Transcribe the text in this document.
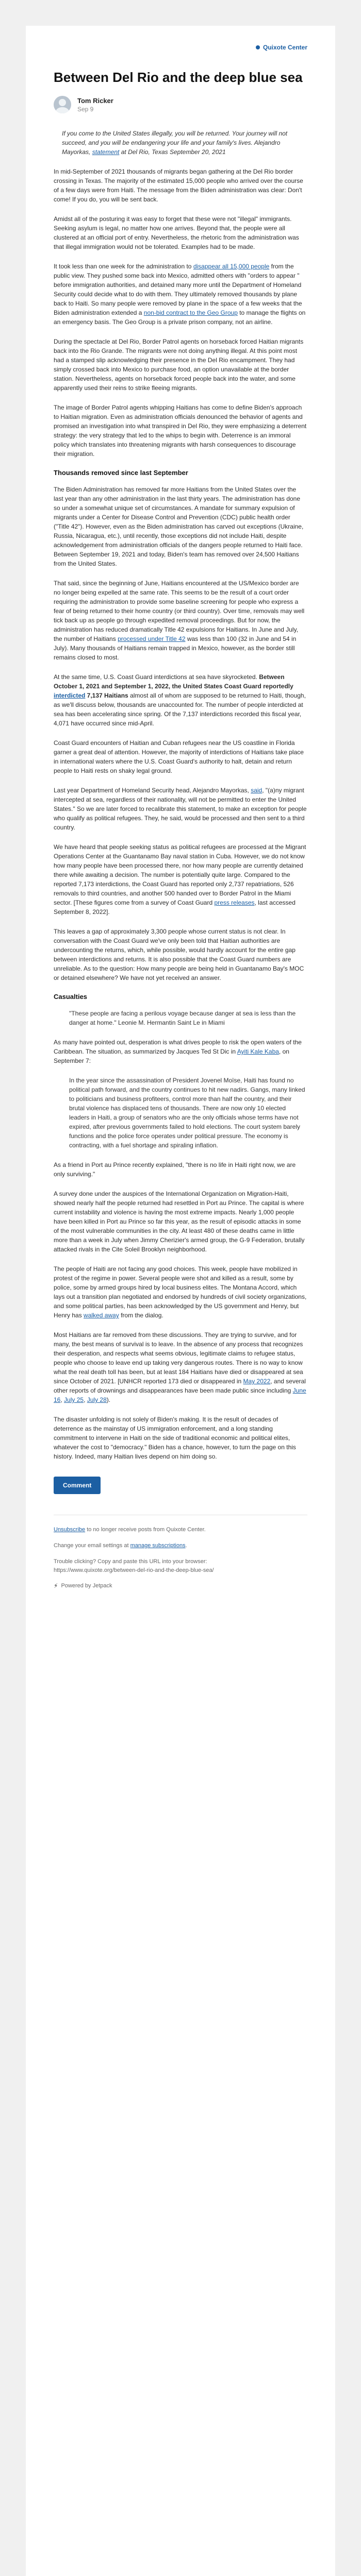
Quixote Center
Between Del Rio and the deep blue sea
Tom Ricker
Sep 9

If you come to the United States illegally, you will be returned. Your journey will not succeed, and you will be endangering your life and your family's lives. Alejandro Mayorkas, statement at Del Rio, Texas September 20, 2021

In mid-September of 2021 thousands of migrants began gathering at the Del Rio border crossing in Texas. The majority of the estimated 15,000 people who arrived over the course of a few days were from Haiti. The message from the Biden administration was clear: Don't come! If you do, you will be sent back.

Amidst all of the posturing it was easy to forget that these were not "illegal" immigrants. Seeking asylum is legal, no matter how one arrives. Beyond that, the people were all clustered at an official port of entry. Nevertheless, the rhetoric from the administration was that illegal immigration would not be tolerated. Examples had to be made.

It took less than one week for the administration to disappear all 15,000 people from the public view. They pushed some back into Mexico, admitted others with "orders to appear " before immigration authorities, and detained many more until the Department of Homeland Security could decide what to do with them. They ultimately removed thousands by plane back to Haiti. So many people were removed by plane in the space of a few weeks that the Biden administration extended a non-bid contract to the Geo Group to manage the flights on an emergency basis. The Geo Group is a private prison company, not an airline.

During the spectacle at Del Rio, Border Patrol agents on horseback forced Haitian migrants back into the Rio Grande. The migrants were not doing anything illegal. At this point most had a stamped slip acknowledging their presence in the Del Rio encampment. They had simply crossed back into Mexico to purchase food, an option unavailable at the border station. Nevertheless, agents on horseback forced people back into the water, and some apparently used their reins to strike fleeing migrants.

The image of Border Patrol agents whipping Haitians has come to define Biden's approach to Haitian migration. Even as administration officials denounced the behavior of agents and promised an investigation into what transpired in Del Rio, they were emphasizing a deterrent strategy: the very strategy that led to the whips to begin with. Deterrence is an immoral policy which translates into threatening migrants with harsh consequences to discourage their migration.

Thousands removed since last September

The Biden Administration has removed far more Haitians from the United States over the last year than any other administration in the last thirty years. The administration has done so under a somewhat unique set of circumstances. A mandate for summary expulsion of migrants under a Center for Disease Control and Prevention (CDC) public health order ("Title 42"). However, even as the Biden administration has carved out exceptions (Ukraine, Russia, Nicaragua, etc.), until recently, those exceptions did not include Haiti, despite acknowledgement from administration officials of the dangers people returned to Haiti face. Between September 19, 2021 and today, Biden's team has removed over 24,500 Haitians from the United States.

That said, since the beginning of June, Haitians encountered at the US/Mexico border are no longer being expelled at the same rate. This seems to be the result of a court order requiring the administration to provide some baseline screening for people who express a fear of being returned to their home country (or third country). Over time, removals may well tick back up as people go through expedited removal proceedings. But for now, the administration has reduced dramatically Title 42 expulsions for Haitians. In June and July, the number of Haitians processed under Title 42 was less than 100 (32 in June and 54 in July). Many thousands of Haitians remain trapped in Mexico, however, as the border still remains closed to most.

At the same time, U.S. Coast Guard interdictions at sea have skyrocketed. Between October 1, 2021 and September 1, 2022, the United States Coast Guard reportedly interdicted 7,137 Haitians almost all of whom are supposed to be returned to Haiti, though, as we'll discuss below, thousands are unaccounted for. The number of people interdicted at sea has been accelerating since spring. Of the 7,137 interdictions recorded this fiscal year, 4,071 have occurred since mid-April.

Coast Guard encounters of Haitian and Cuban refugees near the US coastline in Florida garner a great deal of attention. However, the majority of interdictions of Haitians take place in international waters where the U.S. Coast Guard's authority to halt, detain and return people to Haiti rests on shaky legal ground.

Last year Department of Homeland Security head, Alejandro Mayorkas, said, "(a)ny migrant intercepted at sea, regardless of their nationality, will not be permitted to enter the United States." So we are later forced to recalibrate this statement, to make an exception for people who qualify as political refugees. They, he said, would be processed and then sent to a third country.

We have heard that people seeking status as political refugees are processed at the Migrant Operations Center at the Guantanamo Bay naval station in Cuba. However, we do not know how many people have been processed there, nor how many people are currently detained there while awaiting a decision. The number is potentially quite large. Compared to the reported 7,173 interdictions, the Coast Guard has reported only 2,737 repatriations, 526 removals to third countries, and another 500 handed over to Border Patrol in the Miami sector. [These figures come from a survey of Coast Guard press releases, last accessed September 8, 2022].

This leaves a gap of approximately 3,300 people whose current status is not clear. In conversation with the Coast Guard we've only been told that Haitian authorities are undercounting the returns, which, while possible, would hardly account for the entire gap between interdictions and returns. It is also possible that the Coast Guard numbers are unreliable. As to the question: How many people are being held in Guantanamo Bay's MOC or detained elsewhere? We have not yet received an answer.

Casualties
"These people are facing a perilous voyage because danger at sea is less than the danger at home." Leonie M. Hermantin Saint Le in Miami

As many have pointed out, desperation is what drives people to risk the open waters of the Caribbean. The situation, as summarized by Jacques Ted St Dic in Ayiti Kale Kaba, on September 7:

In the year since the assassination of President Jovenel Moïse, Haiti has found no political path forward, and the country continues to hit new nadirs. Gangs, many linked to politicians and business profiteers, control more than half the country, and their brutal violence has displaced tens of thousands. There are now only 10 elected leaders in Haiti, a group of senators who are the only officials whose terms have not expired, after previous governments failed to hold elections. The court system barely functions and the police force operates under political pressure. The economy is contracting, with a fuel shortage and spiraling inflation.

As a friend in Port au Prince recently explained, "there is no life in Haiti right now, we are only surviving."

A survey done under the auspices of the International Organization on Migration-Haiti, showed nearly half the people returned had resettled in Port au Prince. The capital is where current instability and violence is having the most extreme impacts. Nearly 1,000 people have been killed in Port au Prince so far this year, as the result of episodic attacks in some of the most vulnerable communities in the city. At least 480 of these deaths came in little more than a week in July when Jimmy Cherizier's armed group, the G-9 Federation, brutally attacked rivals in the Cite Soleil Brooklyn neighborhood.

The people of Haiti are not facing any good choices. This week, people have mobilized in protest of the regime in power. Several people were shot and killed as a result, some by police, some by armed groups hired by local business elites. The Montana Accord, which lays out a transition plan negotiated and endorsed by hundreds of civil society organizations, and some political parties, has been acknowledged by the US government and Henry, but Henry has walked away from the dialog.

Most Haitians are far removed from these discussions. They are trying to survive, and for many, the best means of survival is to leave. In the absence of any process that recognizes their desperation, and respects what seems obvious, legitimate claims to refugee status, people who choose to leave end up taking very dangerous routes. There is no way to know what the real death toll has been, but at least 184 Haitians have died or disappeared at sea since October of 2021. [UNHCR reported 173 died or disappeared in May 2022, and several other reports of drownings and disappearances have been made public since including June 16, July 25, July 28).

The disaster unfolding is not solely of Biden's making. It is the result of decades of deterrence as the mainstay of US immigration enforcement, and a long standing commitment to intervene in Haiti on the side of traditional economic and political elites, whatever the cost to "democracy." Biden has a chance, however, to turn the page on this history. Indeed, many Haitian lives depend on him doing so.

Comment

Unsubscribe to no longer receive posts from Quixote Center.

Change your email settings at manage subscriptions.

Trouble clicking? Copy and paste this URL into your browser:
https://www.quixote.org/between-del-rio-and-the-deep-blue-sea/

⚡ Powered by Jetpack
